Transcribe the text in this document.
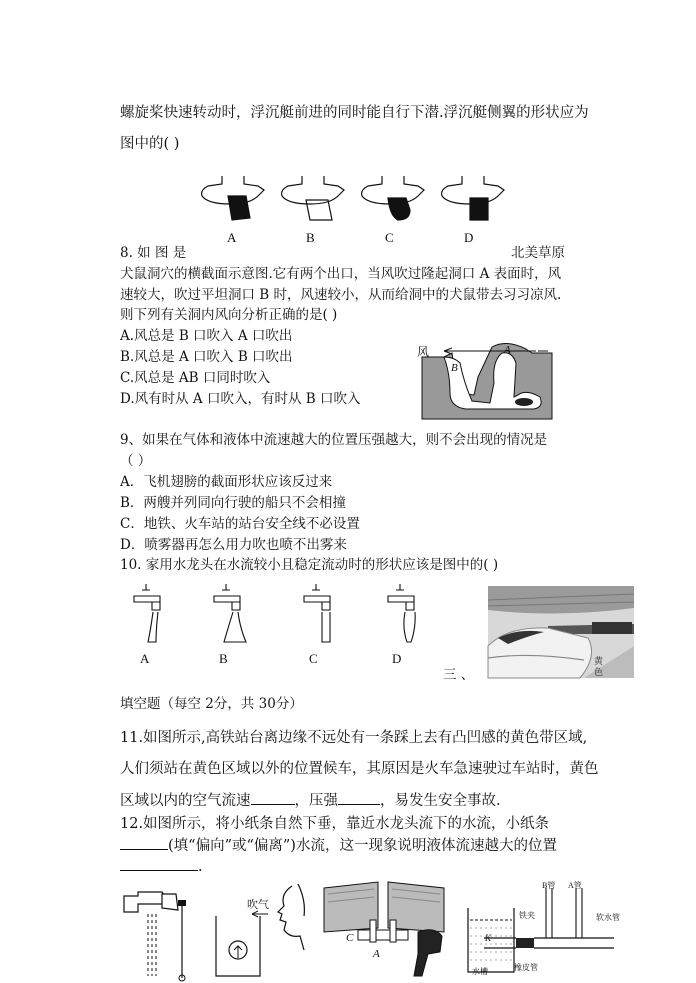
螺旋桨快速转动时，浮沉艇前进的同时能自行下潜.浮沉艇侧翼的形状应为
图中的( )
A	B	C	D
8. 如 图 是	北美草原
犬鼠洞穴的横截面示意图.它有两个出口，当风吹过隆起洞口 A 表面时，风
速较大，吹过平坦洞口 B 时，风速较小，从而给洞中的犬鼠带去习习凉风.
则下列有关洞内风向分析正确的是( )
A.风总是 B 口吹入 A 口吹出
B.风总是 A 口吹入 B 口吹出
C.风总是 AB 口同时吹入
D.风有时从 A 口吹入，有时从 B 口吹入
风	A
B
9、如果在气体和液体中流速越大的位置压强越大，则不会出现的情况是
（ ）
A．飞机翅膀的截面形状应该反过来
B．两艘并列同向行驶的船只不会相撞
C．地铁、火车站的站台安全线不必设置
D．喷雾器再怎么用力吹也喷不出雾来
10. 家用水龙头在水流较小且稳定流动时的形状应该是图中的( )
A	B	C	D	黄
色
三 、
填空题（每空 2分，共 30分）
11.如图所示,高铁站台离边缘不远处有一条踩上去有凸凹感的黄色带区域,
人们须站在黄色区域以外的位置候车，其原因是火车急速驶过车站时，黄色
区域以内的空气流速	，压强	，易发生安全事故.
12.如图所示，将小纸条自然下垂，靠近水龙头流下的水流，小纸条
(填“偏向”或“偏离”)水流，这一现象说明液体流速越大的位置
.
吹气
C
A
B管 A管
铁夹	软水管
K
水槽	橡皮管
